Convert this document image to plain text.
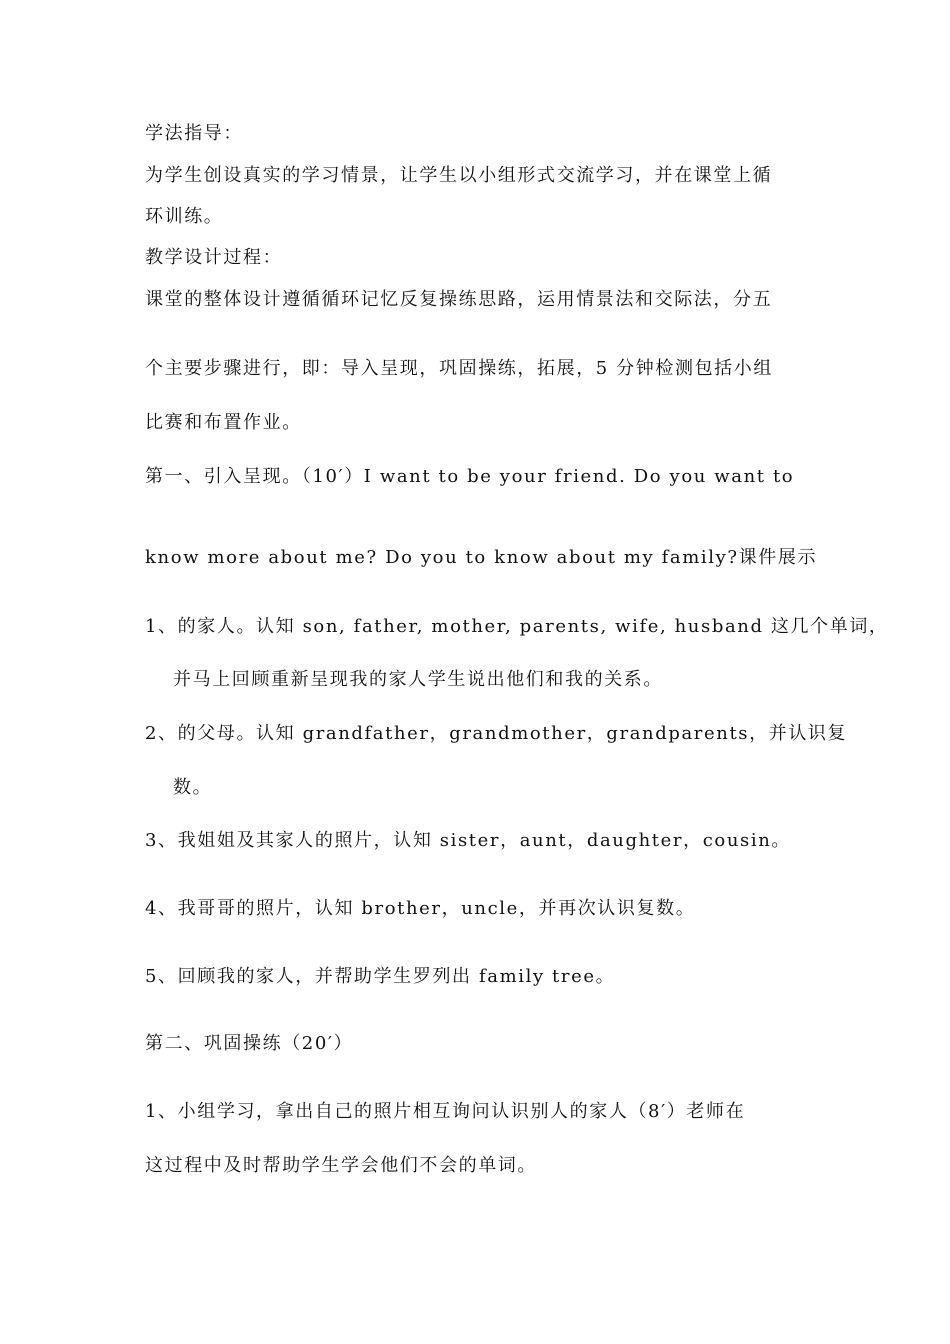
学法指导：
为学生创设真实的学习情景，让学生以小组形式交流学习，并在课堂上循
环训练。
教学设计过程：
课堂的整体设计遵循循环记忆反复操练思路，运用情景法和交际法，分五
个主要步骤进行，即：导入呈现，巩固操练，拓展，5 分钟检测包括小组
比赛和布置作业。
第一、引入呈现。（10′）I want to be your friend. Do you want to
know more about me? Do you to know about my family?课件展示
1、的家人。认知 son, father, mother, parents, wife, husband 这几个单词，
并马上回顾重新呈现我的家人学生说出他们和我的关系。
2、的父母。认知 grandfather，grandmother，grandparents，并认识复
数。
3、我姐姐及其家人的照片，认知 sister，aunt，daughter，cousin。
4、我哥哥的照片，认知 brother，uncle，并再次认识复数。
5、回顾我的家人，并帮助学生罗列出 family tree。
第二、巩固操练（20′）
1、小组学习，拿出自己的照片相互询问认识别人的家人（8′）老师在
这过程中及时帮助学生学会他们不会的单词。
